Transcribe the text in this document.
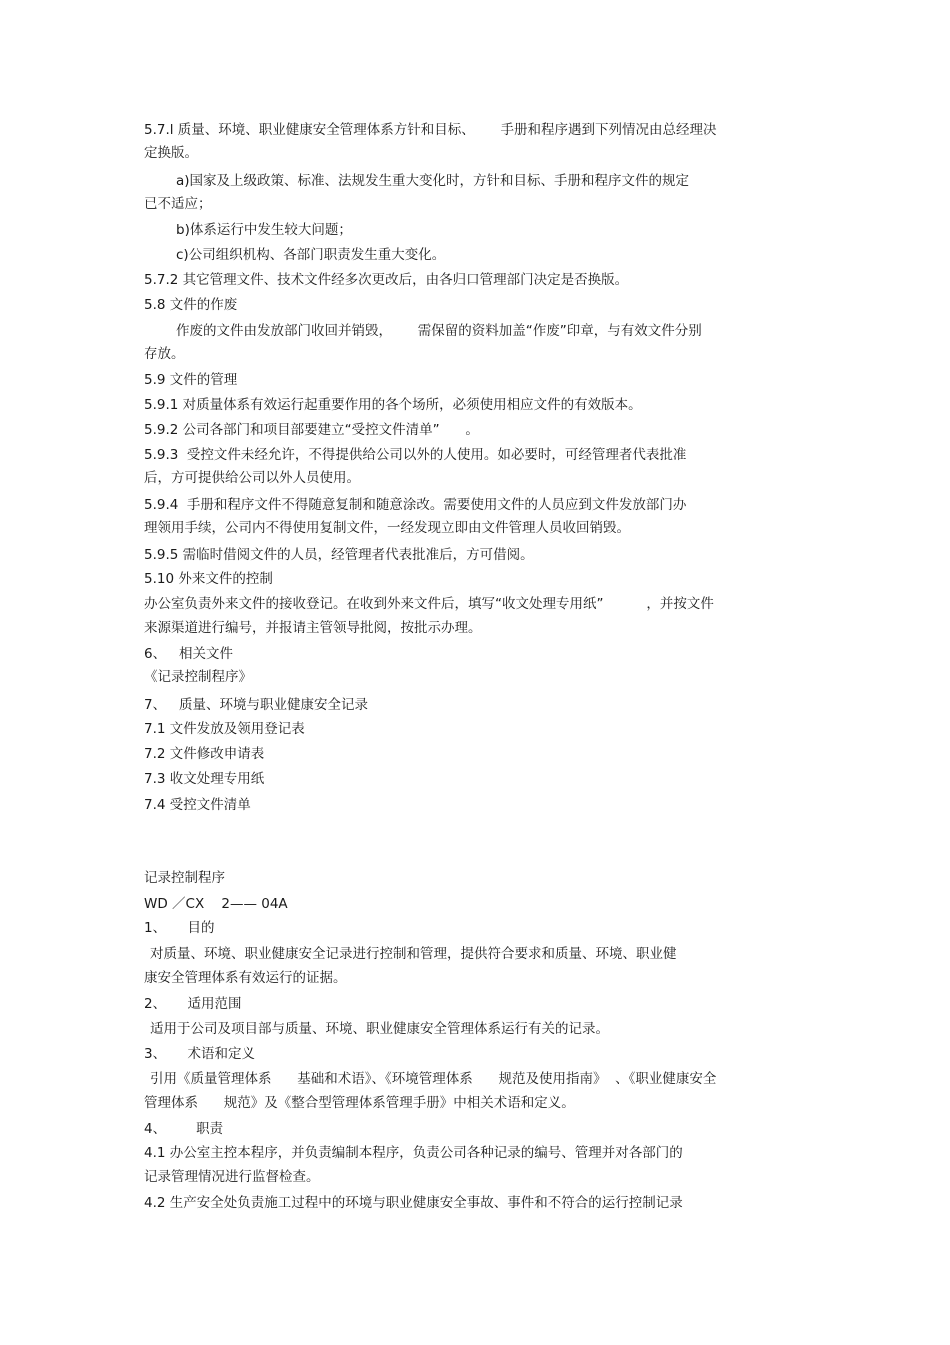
5.7.l 质量、环境、职业健康安全管理体系方针和目标、      手册和程序遇到下列情况由总经理决
定换版。
a)国家及上级政策、标准、法规发生重大变化时，方针和目标、手册和程序文件的规定
已不适应；
b)体系运行中发生较大问题；
c)公司组织机构、各部门职责发生重大变化。
5.7.2 其它管理文件、技术文件经多次更改后，由各归口管理部门决定是否换版。
5.8 文件的作废
作废的文件由发放部门收回并销毁，      需保留的资料加盖“作废”印章，与有效文件分别
存放。
5.9 文件的管理
5.9.1 对质量体系有效运行起重要作用的各个场所，必须使用相应文件的有效版本。
5.9.2 公司各部门和项目部要建立“受控文件清单”      。
5.9.3  受控文件未经允许，不得提供给公司以外的人使用。如必要时，可经管理者代表批准
后，方可提供给公司以外人员使用。
5.9.4  手册和程序文件不得随意复制和随意涂改。需要使用文件的人员应到文件发放部门办
理领用手续，公司内不得使用复制文件，一经发现立即由文件管理人员收回销毁。
5.9.5 需临时借阅文件的人员，经管理者代表批准后，方可借阅。
5.10 外来文件的控制
办公室负责外来文件的接收登记。在收到外来文件后，填写“收文处理专用纸”          ，并按文件
来源渠道进行编号，并报请主管领导批阅，按批示办理。
6、   相关文件
《记录控制程序》
7、   质量、环境与职业健康安全记录
7.1 文件发放及领用登记表
7.2 文件修改申请表
7.3 收文处理专用纸
7.4 受控文件清单
记录控制程序
WD ／CX    2—— 04A
1、     目的
对质量、环境、职业健康安全记录进行控制和管理，提供符合要求和质量、环境、职业健
康安全管理体系有效运行的证据。
2、     适用范围
适用于公司及项目部与质量、环境、职业健康安全管理体系运行有关的记录。
3、     术语和定义
引用《质量管理体系      基础和术语》、《环境管理体系      规范及使用指南》  、《职业健康安全
管理体系      规范》及《整合型管理体系管理手册》中相关术语和定义。
4、       职责
4.1 办公室主控本程序，并负责编制本程序，负责公司各种记录的编号、管理并对各部门的
记录管理情况进行监督检查。
4.2 生产安全处负责施工过程中的环境与职业健康安全事故、事件和不符合的运行控制记录
